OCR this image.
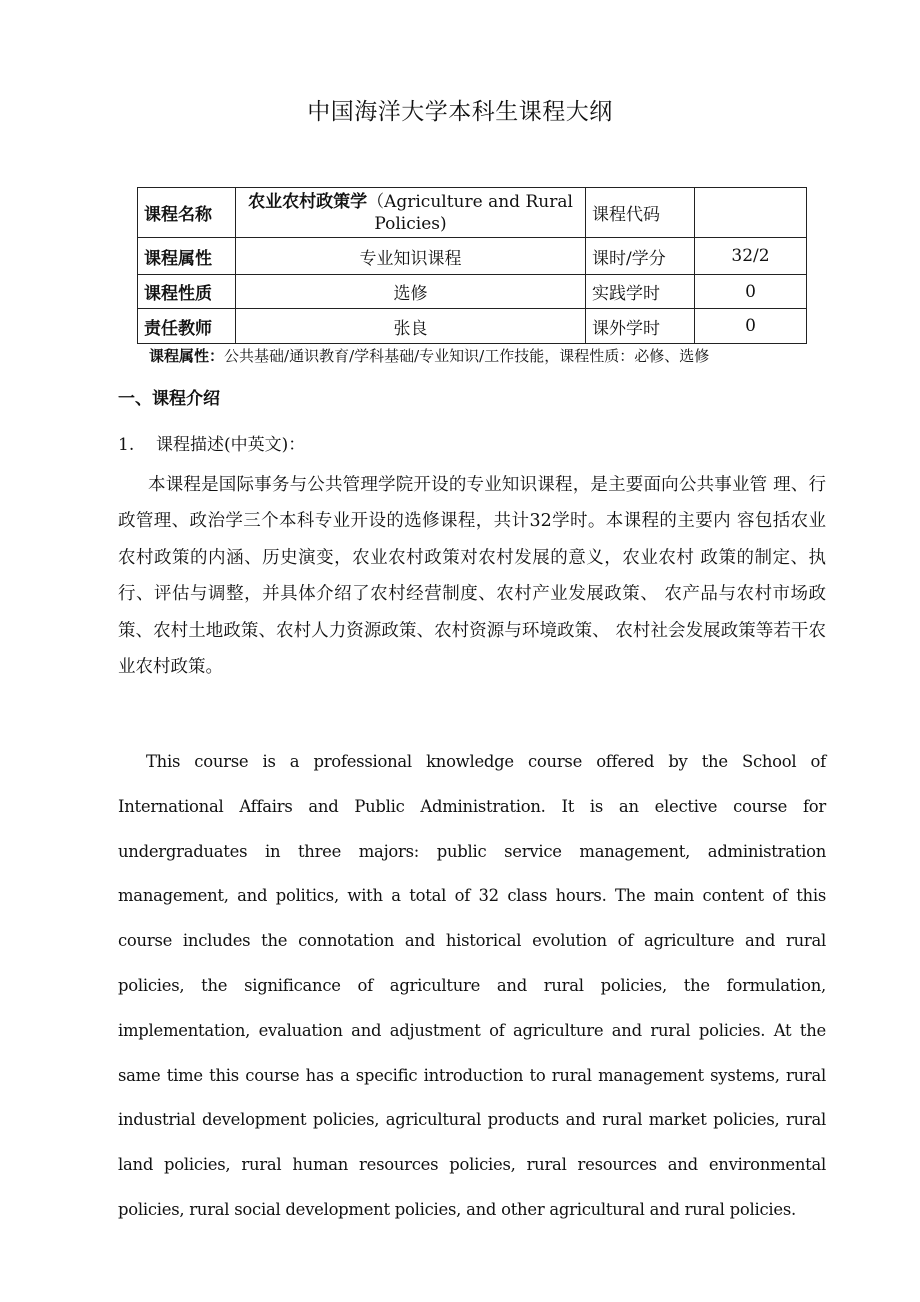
中国海洋大学本科生课程大纲
课程名称	农业农村政策学（Agriculture and Rural Policies)	课程代码	
课程属性	专业知识课程	课时/学分	32/2
课程性质	选修	实践学时	0
责任教师	张良	课外学时	0
课程属性：公共基础/通识教育/学科基础/专业知识/工作技能，课程性质：必修、选修
一、课程介绍
1. 课程描述(中英文)：
本课程是国际事务与公共管理学院开设的专业知识课程，是主要面向公共事业管 理、行政管理、政治学三个本科专业开设的选修课程，共计32学时。本课程的主要内 容包括农业农村政策的内涵、历史演变，农业农村政策对农村发展的意义，农业农村 政策的制定、执行、评估与调整，并具体介绍了农村经营制度、农村产业发展政策、 农产品与农村市场政策、农村土地政策、农村人力资源政策、农村资源与环境政策、 农村社会发展政策等若干农业农村政策。
This course is a professional knowledge course offered by the School of International Affairs and Public Administration. It is an elective course for undergraduates in three majors: public service management, administration management, and politics, with a total of 32 class hours. The main content of this course includes the connotation and historical evolution of agriculture and rural policies, the significance of agriculture and rural policies, the formulation, implementation, evaluation and adjustment of agriculture and rural policies. At the same time this course has a specific introduction to rural management systems, rural industrial development policies, agricultural products and rural market policies, rural land policies, rural human resources policies, rural resources and environmental policies, rural social development policies, and other agricultural and rural policies.
